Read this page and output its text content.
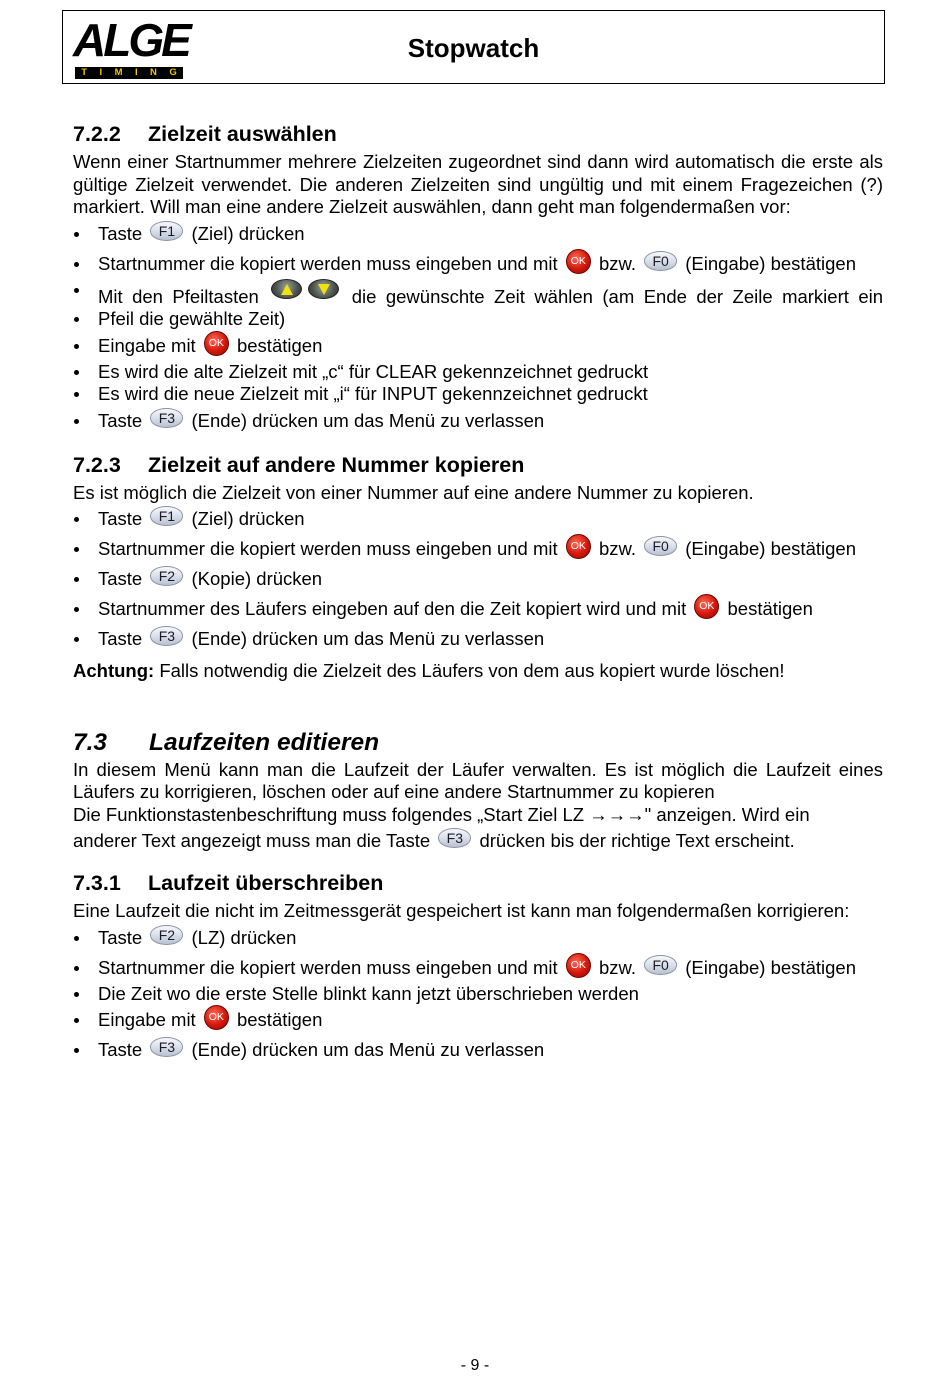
ALGE
T I M I N G
Stopwatch
7.2.2	Zielzeit auswählen

Wenn einer Startnummer mehrere Zielzeiten zugeordnet sind dann wird automatisch die erste als gültige Zielzeit verwendet. Die anderen Zielzeiten sind ungültig und mit einem Fragezeichen (?) markiert. Will man eine andere Zielzeit auswählen, dann geht man folgendermaßen vor:

Taste F1 (Ziel) drücken
Startnummer die kopiert werden muss eingeben und mit OK bzw. F0 (Eingabe) bestätigen
Mit den Pfeiltasten	die gewünschte Zeit wählen (am Ende der Zeile markiert ein
Pfeil die gewählte Zeit)
Eingabe mit OK bestätigen
Es wird die alte Zielzeit mit „c“ für CLEAR gekennzeichnet gedruckt
Es wird die neue Zielzeit mit „i“ für INPUT gekennzeichnet gedruckt
Taste F3 (Ende) drücken um das Menü zu verlassen
7.2.3	Zielzeit auf andere Nummer kopieren

Es ist möglich die Zielzeit von einer Nummer auf eine andere Nummer zu kopieren.

Taste F1 (Ziel) drücken
Startnummer die kopiert werden muss eingeben und mit OK bzw. F0 (Eingabe) bestätigen
Taste F2 (Kopie) drücken
Startnummer des Läufers eingeben auf den die Zeit kopiert wird und mit OK bestätigen
Taste F3 (Ende) drücken um das Menü zu verlassen

Achtung: Falls notwendig die Zielzeit des Läufers von dem aus kopiert wurde löschen!

7.3	Laufzeiten editieren

In diesem Menü kann man die Laufzeit der Läufer verwalten. Es ist möglich die Laufzeit eines Läufers zu korrigieren, löschen oder auf eine andere Startnummer zu kopieren

Die Funktionstastenbeschriftung muss folgendes „Start Ziel LZ →→→" anzeigen. Wird ein

anderer Text angezeigt muss man die Taste F3 drücken bis der richtige Text erscheint.

7.3.1	Laufzeit überschreiben

Eine Laufzeit die nicht im Zeitmessgerät gespeichert ist kann man folgendermaßen korrigieren:

Taste F2 (LZ) drücken
Startnummer die kopiert werden muss eingeben und mit OK bzw. F0 (Eingabe) bestätigen
Die Zeit wo die erste Stelle blinkt kann jetzt überschrieben werden
Eingabe mit OK bestätigen
Taste F3 (Ende) drücken um das Menü zu verlassen
- 9 -
